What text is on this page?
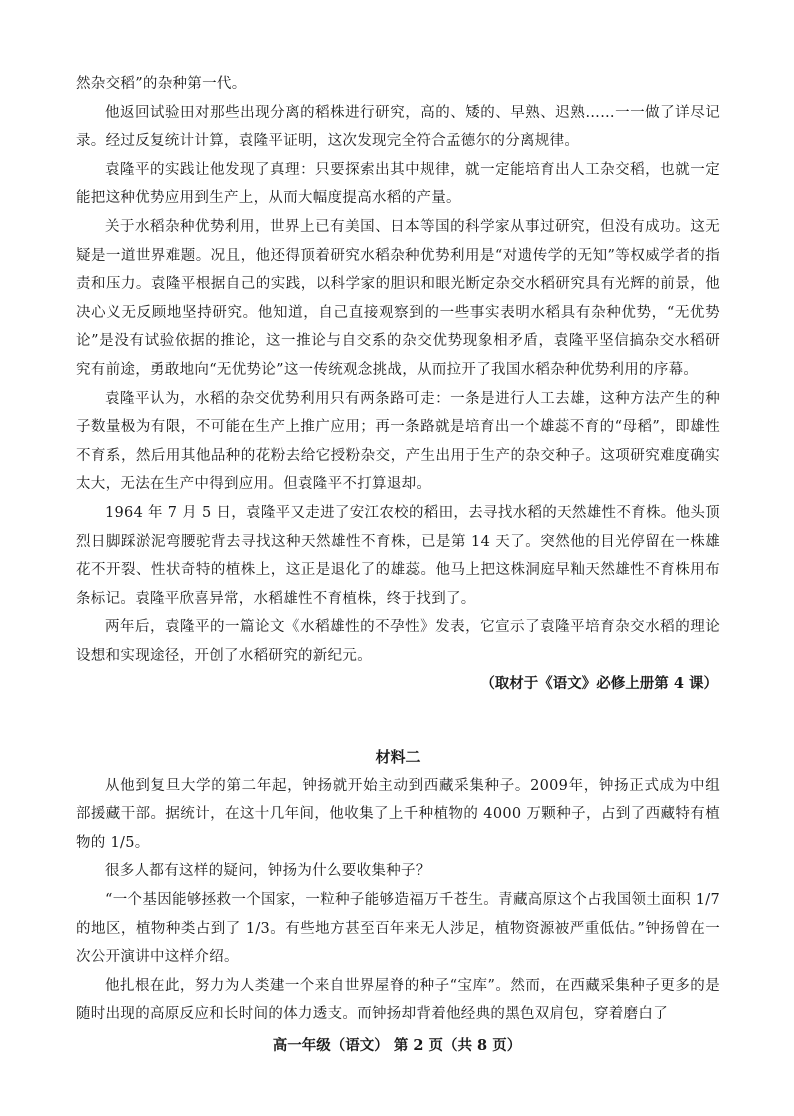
然杂交稻”的杂种第一代。

他返回试验田对那些出现分离的稻株进行研究，高的、矮的、早熟、迟熟……一一做了详尽记录。经过反复统计计算，袁隆平证明，这次发现完全符合孟德尔的分离规律。

袁隆平的实践让他发现了真理：只要探索出其中规律，就一定能培育出人工杂交稻，也就一定能把这种优势应用到生产上，从而大幅度提高水稻的产量。

关于水稻杂种优势利用，世界上已有美国、日本等国的科学家从事过研究，但没有成功。这无疑是一道世界难题。况且，他还得顶着研究水稻杂种优势利用是“对遗传学的无知”等权威学者的指责和压力。袁隆平根据自己的实践，以科学家的胆识和眼光断定杂交水稻研究具有光辉的前景，他决心义无反顾地坚持研究。他知道，自己直接观察到的一些事实表明水稻具有杂种优势，“无优势论”是没有试验依据的推论，这一推论与自交系的杂交优势现象相矛盾，袁隆平坚信搞杂交水稻研究有前途，勇敢地向“无优势论”这一传统观念挑战，从而拉开了我国水稻杂种优势利用的序幕。

袁隆平认为，水稻的杂交优势利用只有两条路可走：一条是进行人工去雄，这种方法产生的种子数量极为有限，不可能在生产上推广应用；再一条路就是培育出一个雄蕊不育的“母稻”，即雄性不育系，然后用其他品种的花粉去给它授粉杂交，产生出用于生产的杂交种子。这项研究难度确实太大，无法在生产中得到应用。但袁隆平不打算退却。

1964 年 7 月 5 日，袁隆平又走进了安江农校的稻田，去寻找水稻的天然雄性不育株。他头顶烈日脚踩淤泥弯腰驼背去寻找这种天然雄性不育株，已是第 14 天了。突然他的目光停留在一株雄花不开裂、性状奇特的植株上，这正是退化了的雄蕊。他马上把这株洞庭早籼天然雄性不育株用布条标记。袁隆平欣喜异常，水稻雄性不育植株，终于找到了。

两年后，袁隆平的一篇论文《水稻雄性的不孕性》发表，它宣示了袁隆平培育杂交水稻的理论设想和实现途径，开创了水稻研究的新纪元。

（取材于《语文》必修上册第 4 课）

材料二

从他到复旦大学的第二年起，钟扬就开始主动到西藏采集种子。2009年，钟扬正式成为中组部援藏干部。据统计，在这十几年间，他收集了上千种植物的 4000 万颗种子，占到了西藏特有植物的 1/5。

很多人都有这样的疑问，钟扬为什么要收集种子？

“一个基因能够拯救一个国家，一粒种子能够造福万千苍生。青藏高原这个占我国领土面积 1/7 的地区，植物种类占到了 1/3。有些地方甚至百年来无人涉足，植物资源被严重低估。”钟扬曾在一次公开演讲中这样介绍。

他扎根在此，努力为人类建一个来自世界屋脊的种子“宝库”。然而，在西藏采集种子更多的是随时出现的高原反应和长时间的体力透支。而钟扬却背着他经典的黑色双肩包，穿着磨白了

高一年级（语文） 第 2 页（共 8 页）
